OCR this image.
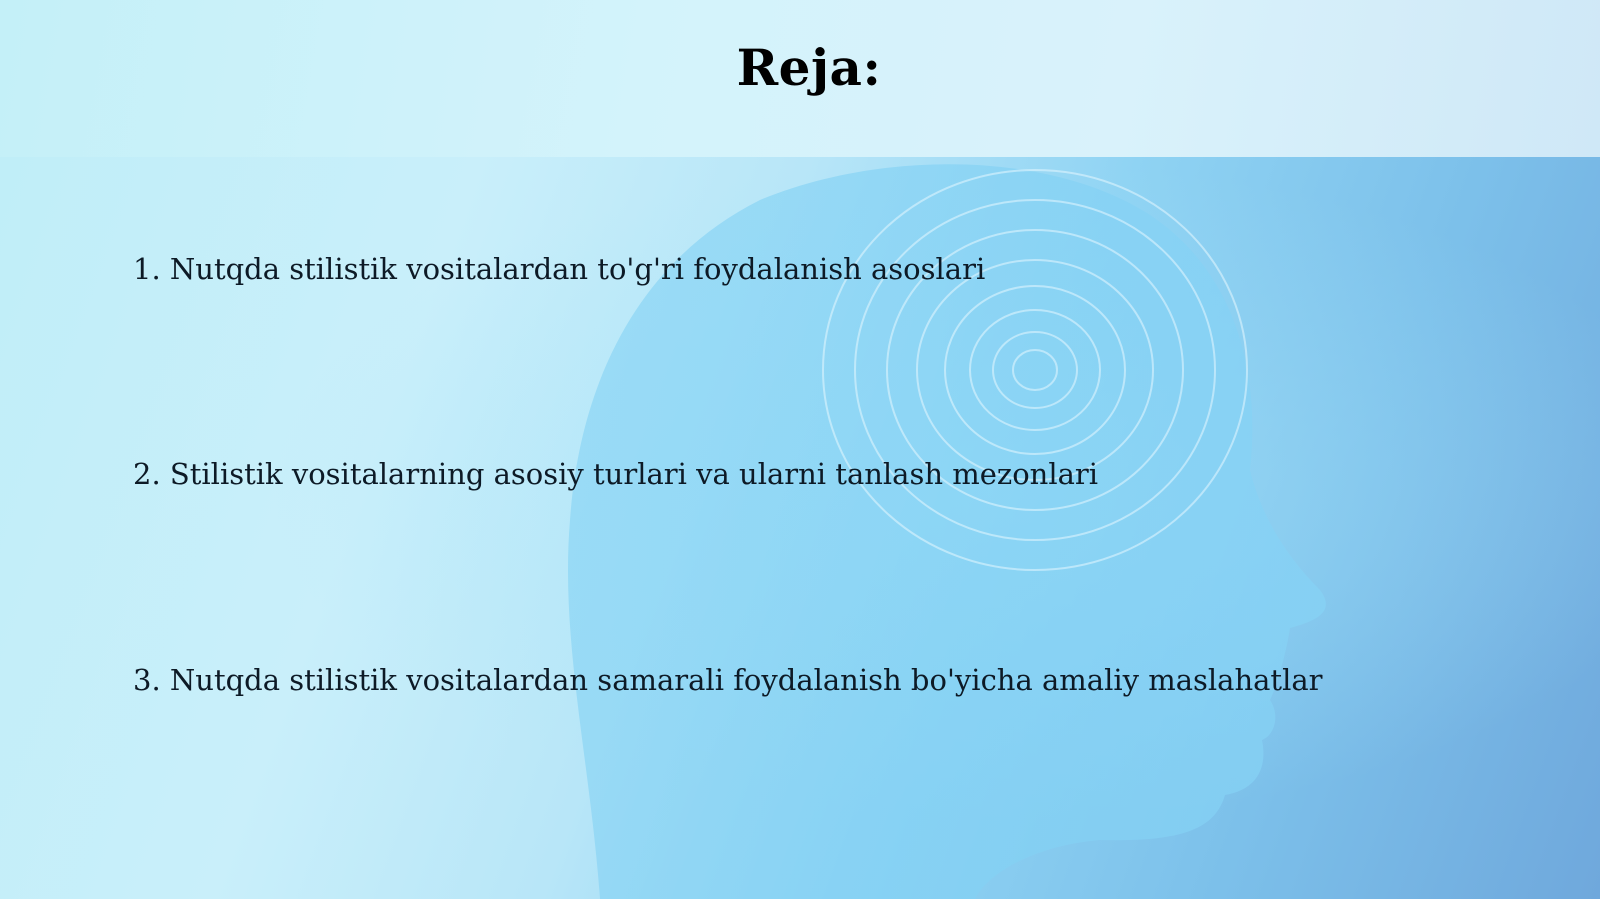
Reja:
1. Nutqda stilistik vositalardan to'g'ri foydalanish asoslari
2. Stilistik vositalarning asosiy turlari va ularni tanlash mezonlari
3. Nutqda stilistik vositalardan samarali foydalanish bo'yicha amaliy maslahatlar
